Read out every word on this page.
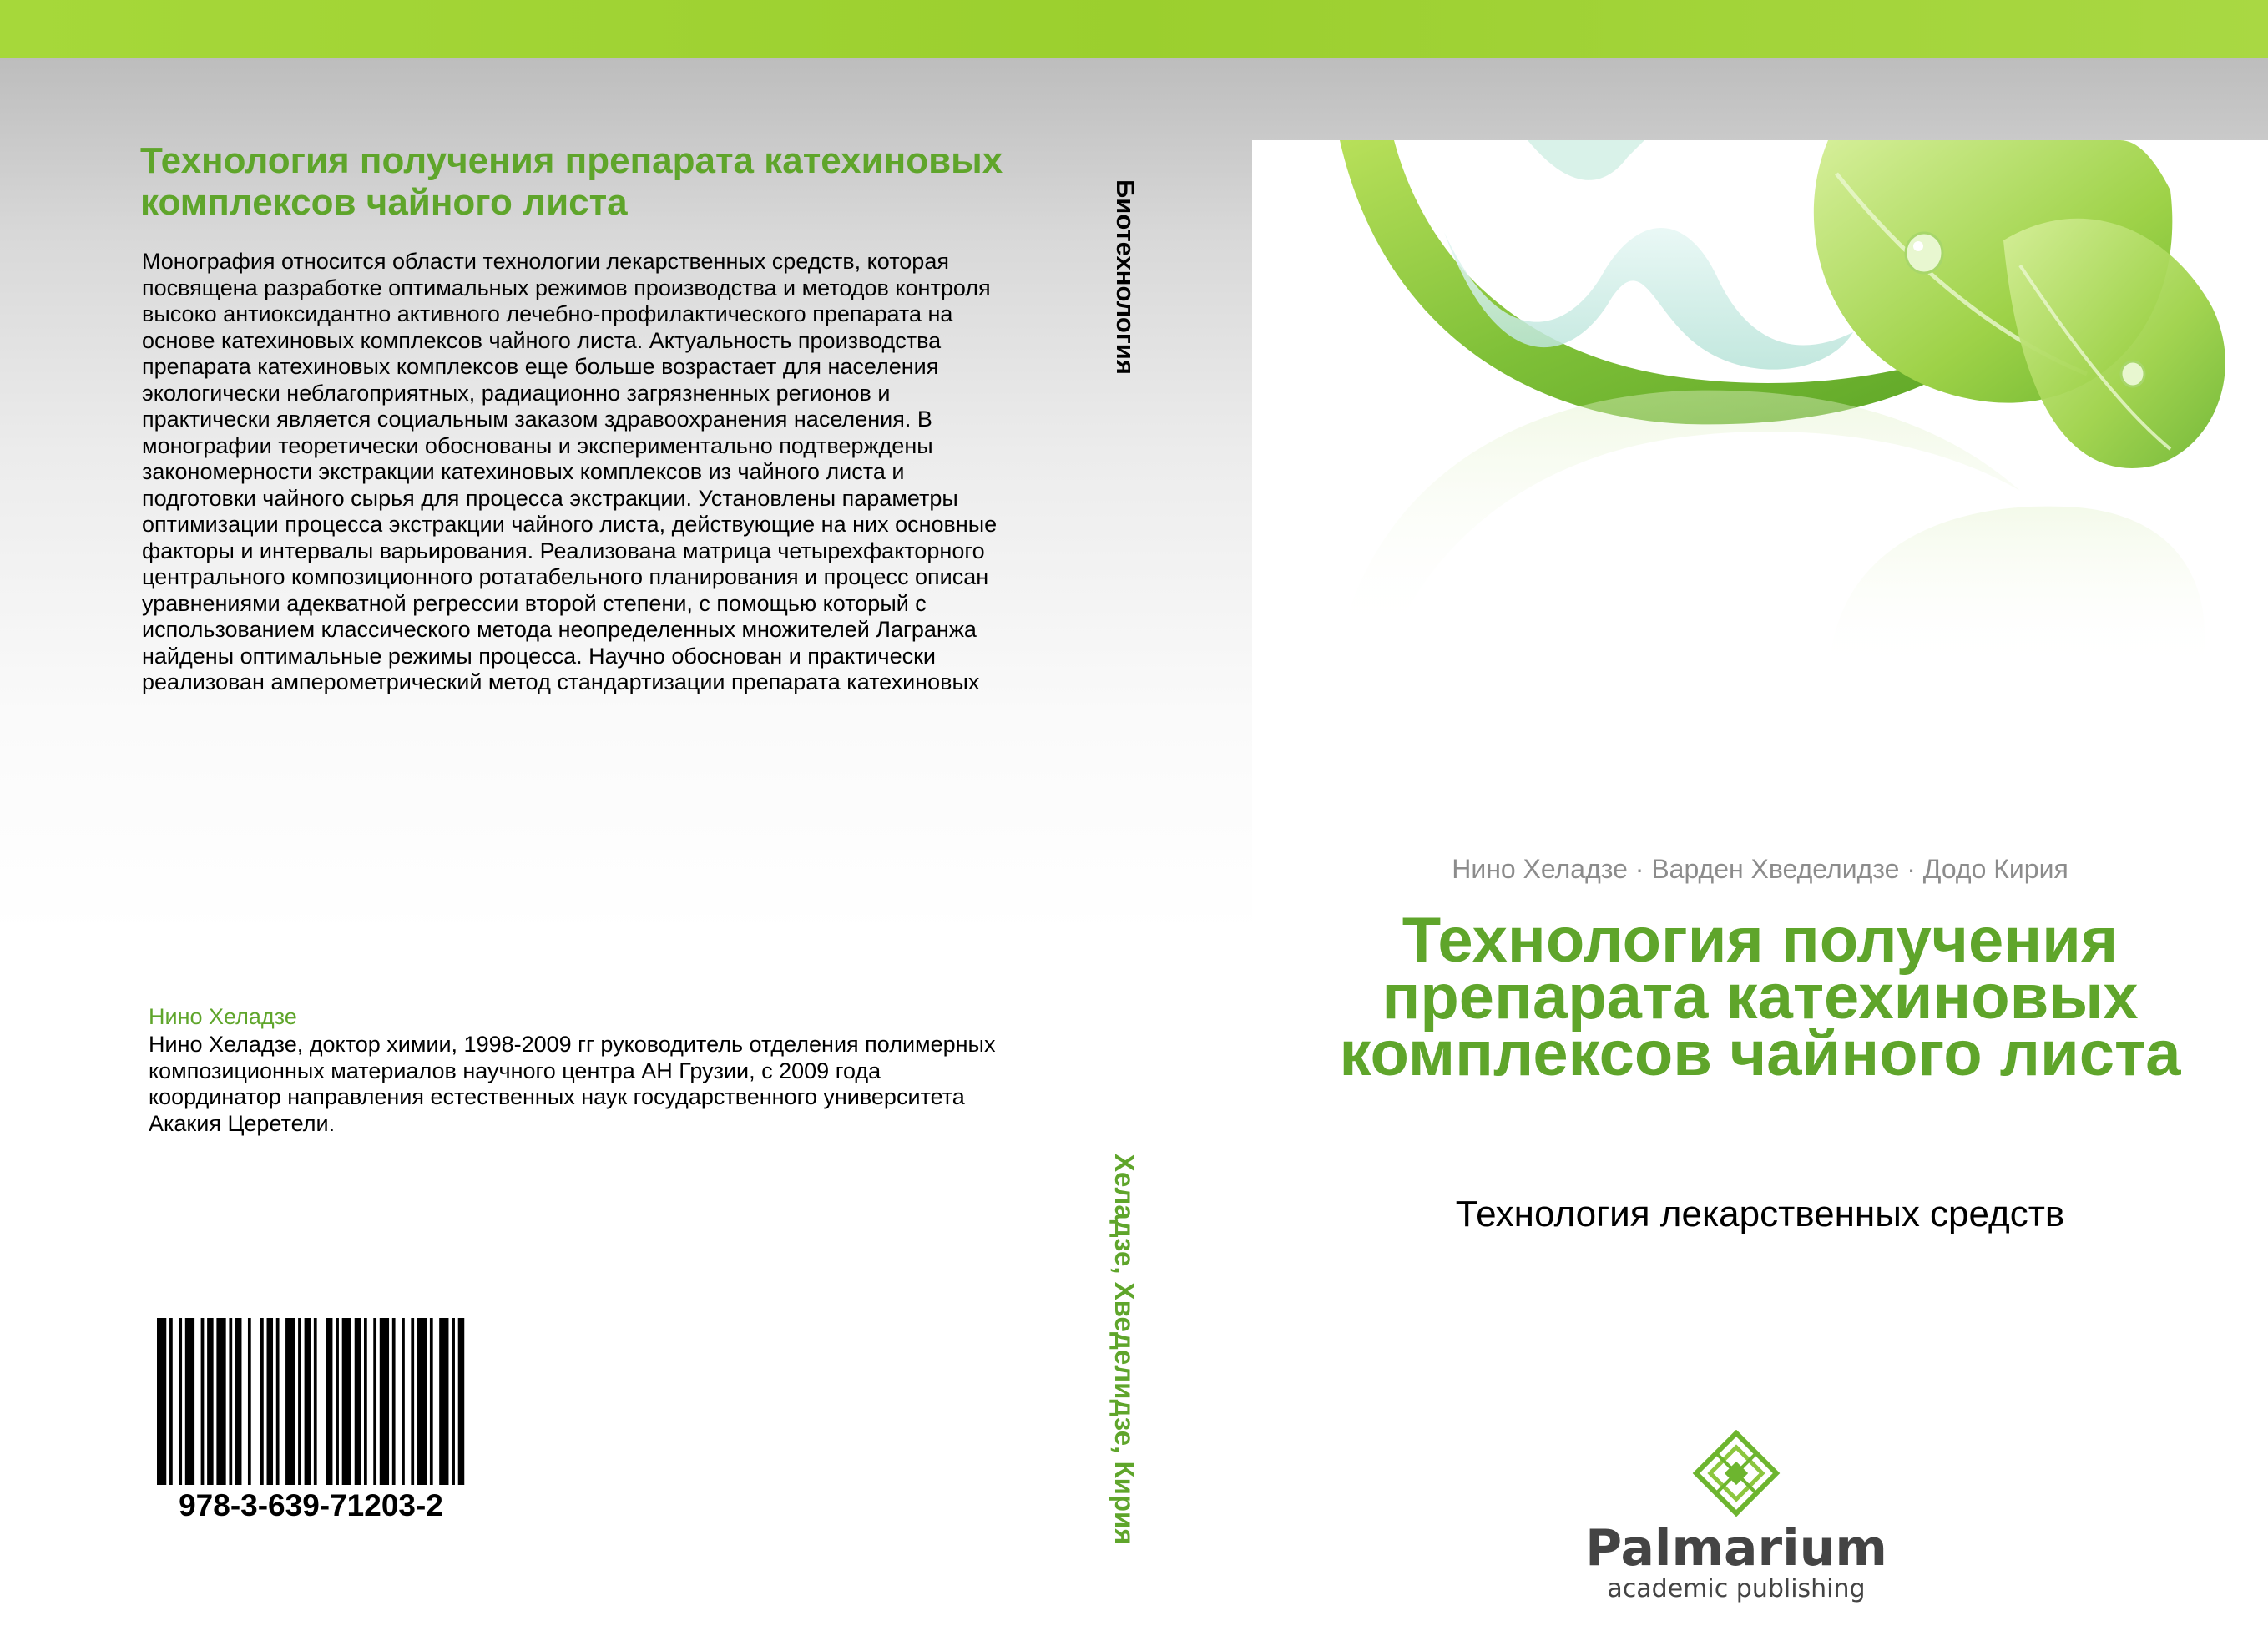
Технология получения препарата катехиновых комплексов чайного листа

Монография относится области технологии лекарственных средств, которая посвящена разработке оптимальных режимов производства и методов контроля высоко антиоксидантно активного лечебно-профилактического препарата на основе катехиновых комплексов чайного листа. Актуальность производства препарата катехиновых комплексов еще больше возрастает для населения экологически неблагоприятных, радиационно загрязненных регионов и практически является социальным заказом здравоохранения населения. В монографии теоретически обоснованы и экспериментально подтверждены закономерности экстракции катехиновых комплексов из чайного листа и подготовки чайного сырья для процесса экстракции. Установлены параметры оптимизации процесса экстракции чайного листа, действующие на них основные факторы и интервалы варьирования. Реализована матрица четырехфакторного центрального композиционного ротатабельного планирования и процесс описан уравнениями адекватной регрессии второй степени, с помощью который с использованием классического метода неопределенных множителей Лагранжа найдены оптимальные режимы процесса. Научно обоснован и практически реализован амперометрический метод стандартизации препарата катехиновых

Нино Хеладзе

Нино Хеладзе, доктор химии, 1998-2009 гг руководитель отделения полимерных композиционных материалов научного центра АН Грузии, с 2009 года координатор направления естественных наук государственного университета Акакия Церетели.

978-3-639-71203-2
Биотехнология
Хеладзе, Хведелидзе, Кирия
Нино Хеладзе · Варден Хведелидзе · Додо Кирия
Технология получения препарата катехиновых комплексов чайного листа
Технология лекарственных средств
Palmarium
academic publishing
